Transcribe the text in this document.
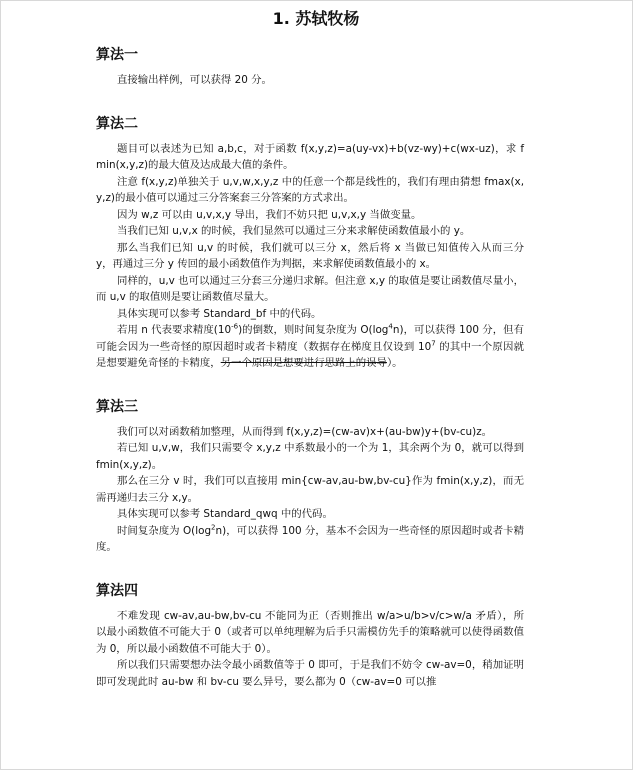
1. 苏轼牧杨
算法一

直接输出样例，可以获得 20 分。

算法二

题目可以表述为已知 a,b,c，对于函数 f(x,y,z)=a(uy-vx)+b(vz-wy)+c(wx-uz)，求 fmin(x,y,z)的最大值及达成最大值的条件。

注意 f(x,y,z)单独关于 u,v,w,x,y,z 中的任意一个都是线性的，我们有理由猜想 fmax(x,y,z)的最小值可以通过三分答案套三分答案的方式求出。

因为 w,z 可以由 u,v,x,y 导出，我们不妨只把 u,v,x,y 当做变量。

当我们已知 u,v,x 的时候，我们显然可以通过三分来求解使函数值最小的 y。

那么当我们已知 u,v 的时候，我们就可以三分 x，然后将 x 当做已知值传入从而三分 y，再通过三分 y 传回的最小函数值作为判据，来求解使函数值最小的 x。

同样的，u,v 也可以通过三分套三分递归求解。但注意 x,y 的取值是要让函数值尽量小，而 u,v 的取值则是要让函数值尽量大。

具体实现可以参考 Standard_bf 中的代码。

若用 n 代表要求精度$(10^{-6})$的倒数，则时间复杂度为 $O(\log^4n)$，可以获得 100 分，但有可能会因为一些奇怪的原因超时或者卡精度（数据存在梯度且仅设到 $10^7$ 的其中一个原因就是想要避免奇怪的卡精度，另一个原因是想要进行思路上的误导）。

算法三

我们可以对函数稍加整理，从而得到 f(x,y,z)=(cw-av)x+(au-bw)y+(bv-cu)z。

若已知 u,v,w，我们只需要令 x,y,z 中系数最小的一个为 1，其余两个为 0，就可以得到 fmin(x,y,z)。

那么在三分 v 时，我们可以直接用 min{cw-av,au-bw,bv-cu}作为 fmin(x,y,z)，而无需再递归去三分 x,y。

具体实现可以参考 Standard_qwq 中的代码。

时间复杂度为 $O(\log^2n)$，可以获得 100 分，基本不会因为一些奇怪的原因超时或者卡精度。

算法四

不难发现 cw-av,au-bw,bv-cu 不能同为正（否则推出 w/a>u/b>v/c>w/a 矛盾），所以最小函数值不可能大于 0（或者可以单纯理解为后手只需模仿先手的策略就可以使得函数值为 0，所以最小函数值不可能大于 0）。

所以我们只需要想办法令最小函数值等于 0 即可，于是我们不妨令 cw-av=0，稍加证明即可发现此时 au-bw 和 bv-cu 要么异号，要么都为 0（cw-av=0 可以推
